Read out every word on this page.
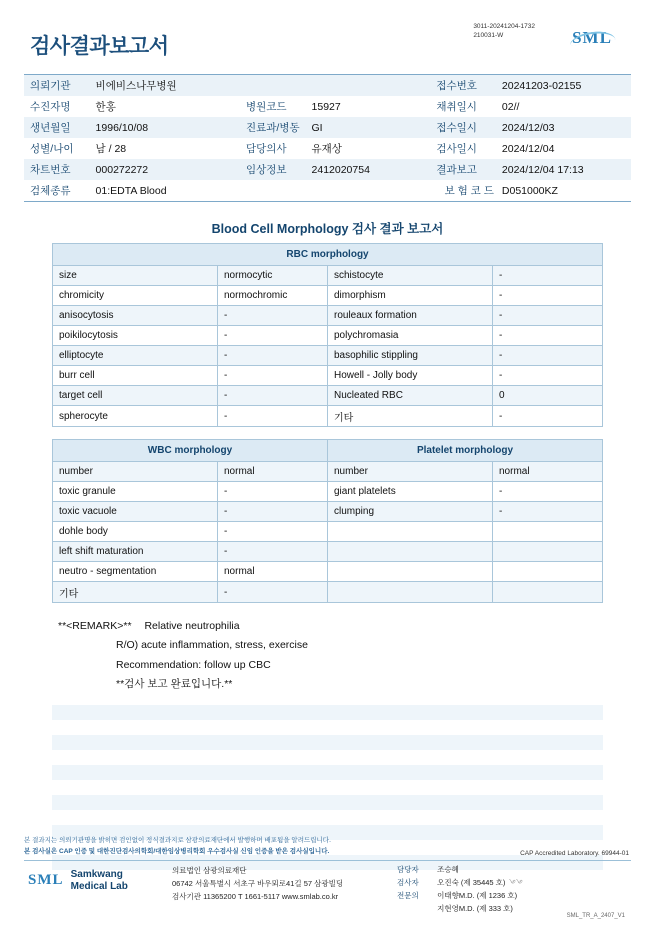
검사결과보고서
3011-20241204-1732
210031-W	SML
의뢰기관	비에비스나무병원			접수번호	20241203-02155
수진자명	한홍	병원코드	15927	채취일시	02//
생년월일	1996/10/08	진료과/병동	GI	접수일시	2024/12/03
성별/나이	남 / 28	담당의사	유재상	검사일시	2024/12/04
차트번호	000272272	임상정보	2412020754	결과보고	2024/12/04 17:13
검체종류	01:EDTA Blood			보 험 코 드	D051000KZ
Blood Cell Morphology 검사 결과 보고서
RBC morphology			
size	normocytic	schistocyte	-
chromicity	normochromic	dimorphism	-
anisocytosis	-	rouleaux formation	-
poikilocytosis	-	polychromasia	-
elliptocyte	-	basophilic stippling	-
burr cell	-	Howell - Jolly body	-
target cell	-	Nucleated RBC	0
spherocyte	-	기타	-
WBC morphology		Platelet morphology	
number	normal	number	normal
toxic granule	-	giant platelets	-
toxic vacuole	-	clumping	-
dohle body	-		
left shift maturation	-		
neutro - segmentation	normal		
기타	-		
**<REMARK>** Relative neutrophilia
R/O) acute inflammation, stress, exercise
Recommendation: follow up CBC
**검사 보고 완료입니다.**
본 결과지는 의뢰기관명을 밝히면 검인없이 정식결과지로 삼광의료재단에서 발행하며 배포됨을 알려드립니다.
본 검사실은 CAP 인증 및 대한진단검사의학회/대한임상병리학회 우수검사실 신임 인증을 받은 검사실입니다.	CAP Accredited Laboratory. 69944-01
SML Samkwang
Medical Lab
의료법인 삼광의료재단
06742 서울특별시 서초구 바우뫼로41길 57 삼광빌딩
검사기관 11365200 T 1661-5117 www.smlab.co.kr
담당자 조승혜
검사자 오진숙 (제 35445 호) ࿓ ࿓
전문의 이태향M.D. (제 1236 호)
지현영M.D. (제 333 호)
SML_TR_A_2407_V1
